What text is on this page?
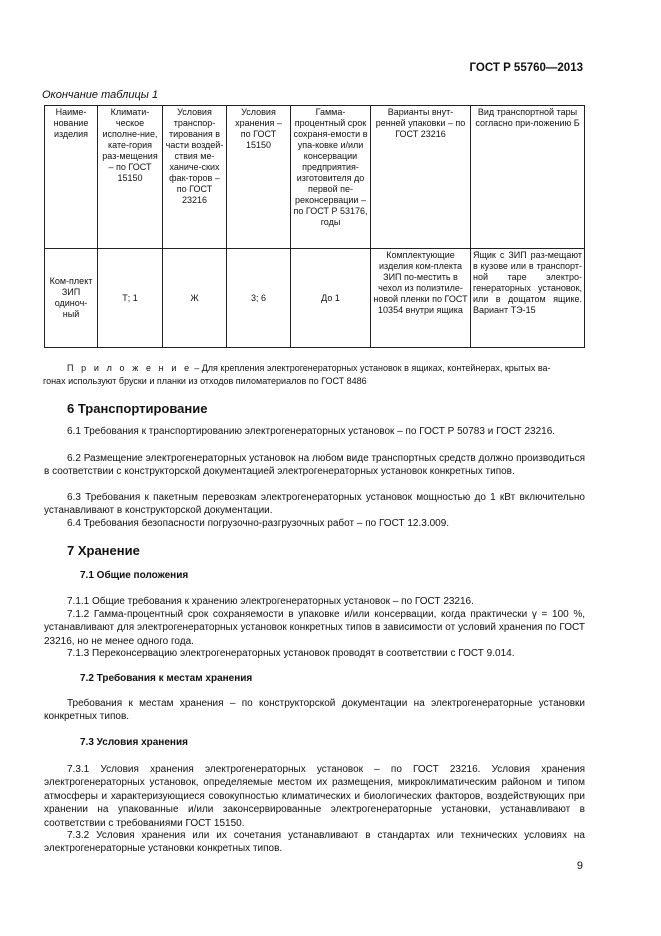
ГОСТ Р 55760—2013
Окончание таблицы 1
Наиме-нование изделия	Климати-ческое исполне-ние, кате-гория раз-мещения – по ГОСТ 15150	Условия транспор-тирования в части воздей-ствия ме-ханиче-ских фак-торов – по ГОСТ 23216	Условия хранения – по ГОСТ 15150	Гамма-процентный срок сохраня-емости в упа-ковке и/или консервации предприятия-изготовителя до первой пе-реконсервации – по ГОСТ Р 53176, годы	Варианты внут-ренней упаковки – по ГОСТ 23216	Вид транспортной тары согласно при-ложению Б
Ком-плект ЗИП одиноч-ный	Т; 1	Ж	3; 6	До 1	Комплектующие изделия ком-плекта ЗИП по-местить в чехол из полиэтиле-новой пленки по ГОСТ 10354 внутри ящика	Ящик с ЗИП раз-мещают в кузове или в транспорт-ной таре электро-генераторных установок, или в дощатом ящике. Вариант ТЭ-15
П р и л о ж е н и е – Для крепления электрогенераторных установок в ящиках, контейнерах, крытых ва-
гонах используют бруски и планки из отходов пиломатериалов по ГОСТ 8486
6 Транспортирование
6.1 Требования к транспортированию электрогенераторных установок – по ГОСТ Р 50783 и ГОСТ 23216.
6.2 Размещение электрогенераторных установок на любом виде транспортных средств должно производиться в соответствии с конструкторской документацией электрогенераторных установок конкретных типов.
6.3 Требования к пакетным перевозкам электрогенераторных установок мощностью до 1 кВт включительно устанавливают в конструкторской документации.
6.4 Требования безопасности погрузочно-разгрузочных работ – по ГОСТ 12.3.009.
7 Хранение
7.1 Общие положения
7.1.1 Общие требования к хранению электрогенераторных установок – по ГОСТ 23216.
7.1.2 Гамма-процентный срок сохраняемости в упаковке и/или консервации, когда практически γ = 100 %, устанавливают для электрогенераторных установок конкретных типов в зависимости от условий хранения по ГОСТ 23216, но не менее одного года.
7.1.3 Переконсервацию электрогенераторных установок проводят в соответствии с ГОСТ 9.014.
7.2 Требования к местам хранения
Требования к местам хранения – по конструкторской документации на электрогенераторные установки конкретных типов.
7.3 Условия хранения
7.3.1 Условия хранения электрогенераторных установок – по ГОСТ 23216. Условия хранения электрогенераторных установок, определяемые местом их размещения, микроклиматическим районом и типом атмосферы и характеризующиеся совокупностью климатических и биологических факторов, воздействующих при хранении на упакованные и/или законсервированные электрогенераторные установки, устанавливают в соответствии с требованиями ГОСТ 15150.
7.3.2 Условия хранения или их сочетания устанавливают в стандартах или технических условиях на электрогенераторные установки конкретных типов.
9
